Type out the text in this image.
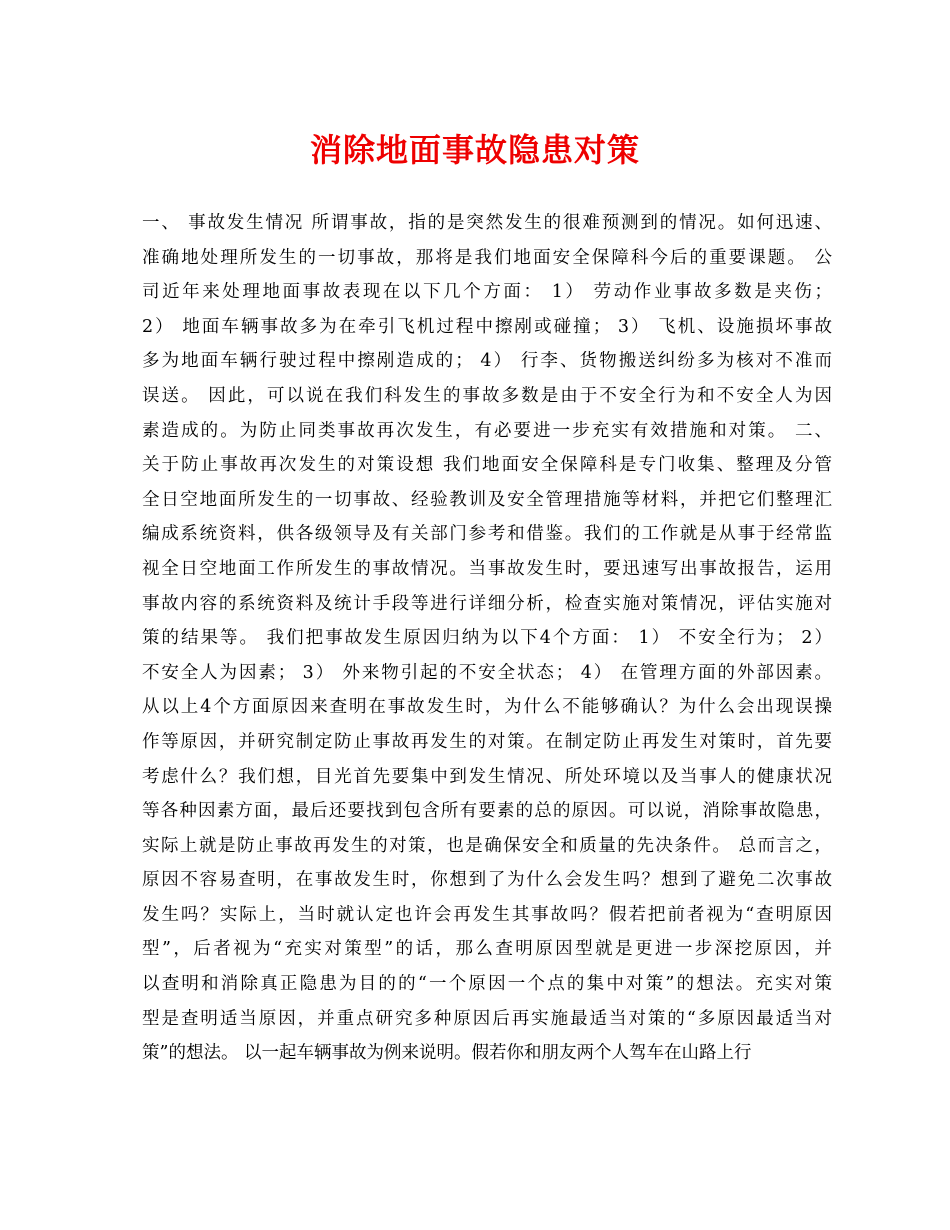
消除地面事故隐患对策
一、 事故发生情况 所谓事故，指的是突然发生的很难预测到的情况。如何迅速、
准确地处理所发生的一切事故，那将是我们地面安全保障科今后的重要课题。 公
司近年来处理地面事故表现在以下几个方面： 1） 劳动作业事故多数是夹伤；
2） 地面车辆事故多为在牵引飞机过程中擦剐或碰撞； 3） 飞机、设施损坏事故
多为地面车辆行驶过程中擦剐造成的； 4） 行李、货物搬送纠纷多为核对不准而
误送。 因此，可以说在我们科发生的事故多数是由于不安全行为和不安全人为因
素造成的。为防止同类事故再次发生，有必要进一步充实有效措施和对策。 二、
关于防止事故再次发生的对策设想 我们地面安全保障科是专门收集、整理及分管
全日空地面所发生的一切事故、经验教训及安全管理措施等材料，并把它们整理汇
编成系统资料，供各级领导及有关部门参考和借鉴。我们的工作就是从事于经常监
视全日空地面工作所发生的事故情况。当事故发生时，要迅速写出事故报告，运用
事故内容的系统资料及统计手段等进行详细分析，检查实施对策情况，评估实施对
策的结果等。 我们把事故发生原因归纳为以下4个方面： 1） 不安全行为； 2）
不安全人为因素； 3） 外来物引起的不安全状态； 4） 在管理方面的外部因素。
从以上4个方面原因来查明在事故发生时，为什么不能够确认？为什么会出现误操
作等原因，并研究制定防止事故再发生的对策。在制定防止再发生对策时，首先要
考虑什么？我们想，目光首先要集中到发生情况、所处环境以及当事人的健康状况
等各种因素方面，最后还要找到包含所有要素的总的原因。可以说，消除事故隐患，
实际上就是防止事故再发生的对策，也是确保安全和质量的先决条件。 总而言之，
原因不容易查明，在事故发生时，你想到了为什么会发生吗？想到了避免二次事故
发生吗？实际上，当时就认定也许会再发生其事故吗？假若把前者视为“查明原因
型”，后者视为“充实对策型”的话，那么查明原因型就是更进一步深挖原因，并
以查明和消除真正隐患为目的的“一个原因一个点的集中对策”的想法。充实对策
型是查明适当原因，并重点研究多种原因后再实施最适当对策的“多原因最适当对
策”的想法。 以一起车辆事故为例来说明。假若你和朋友两个人驾车在山路上行
